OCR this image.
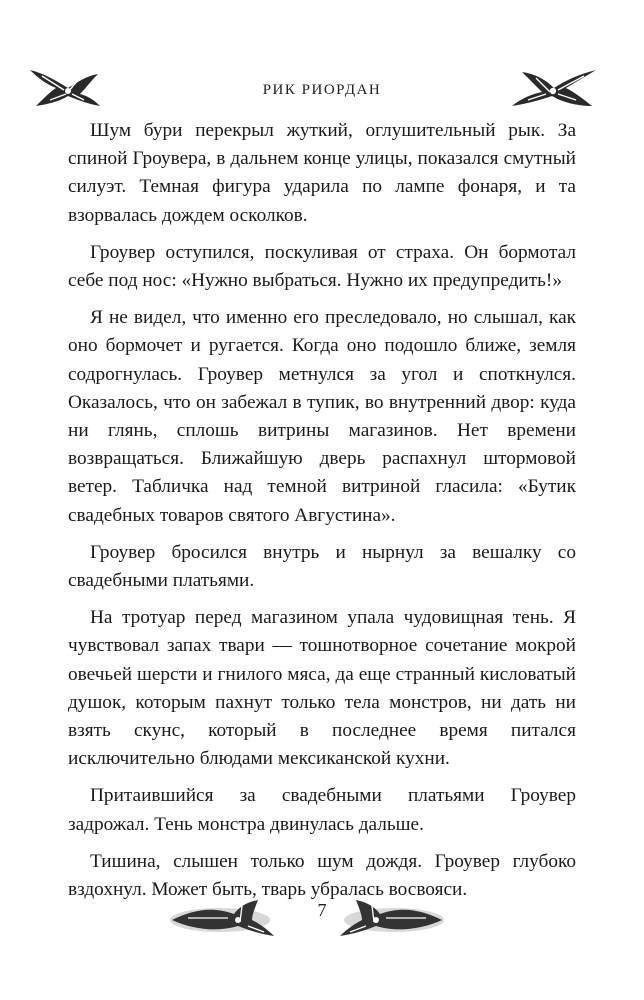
РИК РИОРДАН

Шум бури перекрыл жуткий, оглушительный рык. За спиной Гроувера, в дальнем конце улицы, показался смутный силуэт. Темная фигура ударила по лампе фонаря, и та взорвалась дождем осколков.

Гроувер оступился, поскуливая от страха. Он бормотал себе под нос: «Нужно выбраться. Нужно их предупредить!»

Я не видел, что именно его преследовало, но слышал, как оно бормочет и ругается. Когда оно подошло ближе, земля содрогнулась. Гроувер метнулся за угол и споткнулся. Оказалось, что он забежал в тупик, во внутренний двор: куда ни глянь, сплошь витрины магазинов. Нет времени возвращаться. Ближайшую дверь распахнул штормовой ветер. Табличка над темной витриной гласила: «Бутик свадебных товаров святого Августина».

Гроувер бросился внутрь и нырнул за вешалку со свадебными платьями.

На тротуар перед магазином упала чудовищная тень. Я чувствовал запах твари — тошнотворное сочетание мокрой овечьей шерсти и гнилого мяса, да еще странный кисловатый душок, которым пахнут только тела монстров, ни дать ни взять скунс, который в последнее время питался исключительно блюдами мексиканской кухни.

Притаившийся за свадебными платьями Гроувер задрожал. Тень монстра двинулась дальше.

Тишина, слышен только шум дождя. Гроувер глубоко вздохнул. Может быть, тварь убралась восвояси.

7
